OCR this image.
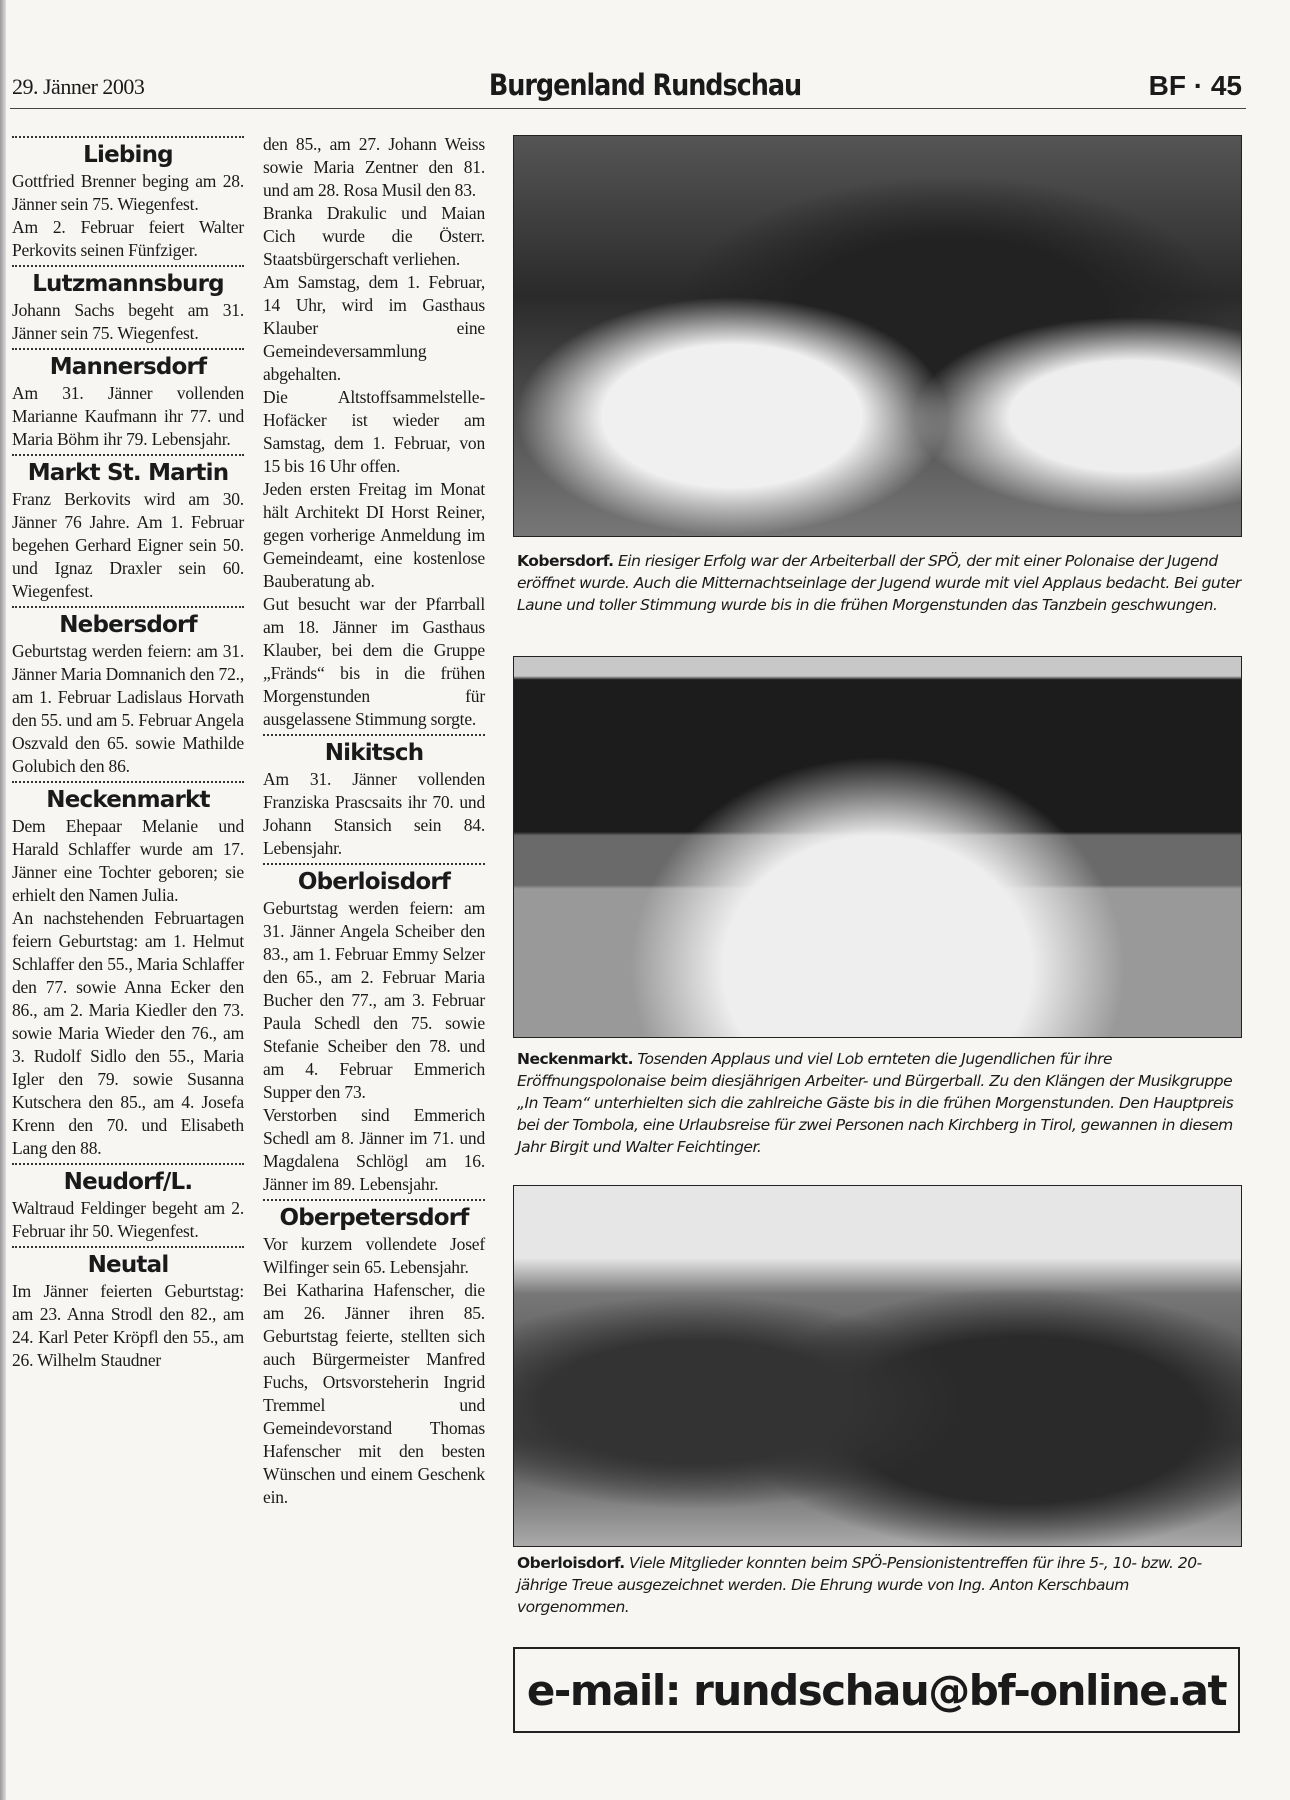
29. Jänner 2003	Burgenland Rundschau	BF · 45
Liebing

Gottfried Brenner beging am 28. Jänner sein 75. Wiegenfest.

Am 2. Februar feiert Walter Perkovits seinen Fünfziger.

Lutzmannsburg

Johann Sachs begeht am 31. Jänner sein 75. Wiegenfest.

Mannersdorf

Am 31. Jänner vollenden Marianne Kaufmann ihr 77. und Maria Böhm ihr 79. Lebensjahr.

Markt St. Martin

Franz Berkovits wird am 30. Jänner 76 Jahre. Am 1. Februar begehen Gerhard Eigner sein 50. und Ignaz Draxler sein 60. Wiegenfest.

Nebersdorf

Geburtstag werden feiern: am 31. Jänner Maria Domnanich den 72., am 1. Februar Ladislaus Horvath den 55. und am 5. Februar Angela Oszvald den 65. sowie Mathilde Golubich den 86.

Neckenmarkt

Dem Ehepaar Melanie und Harald Schlaffer wurde am 17. Jänner eine Tochter geboren; sie erhielt den Namen Julia.

An nachstehenden Februartagen feiern Geburtstag: am 1. Helmut Schlaffer den 55., Maria Schlaffer den 77. sowie Anna Ecker den 86., am 2. Maria Kiedler den 73. sowie Maria Wieder den 76., am 3. Rudolf Sidlo den 55., Maria Igler den 79. sowie Susanna Kutschera den 85., am 4. Josefa Krenn den 70. und Elisabeth Lang den 88.

Neudorf/L.

Waltraud Feldinger begeht am 2. Februar ihr 50. Wiegenfest.

Neutal

Im Jänner feierten Geburtstag: am 23. Anna Strodl den 82., am 24. Karl Peter Kröpfl den 55., am 26. Wilhelm Staudner

den 85., am 27. Johann Weiss sowie Maria Zentner den 81. und am 28. Rosa Musil den 83.

Branka Drakulic und Maian Cich wurde die Österr. Staatsbürgerschaft verliehen.

Am Samstag, dem 1. Februar, 14 Uhr, wird im Gasthaus Klauber eine Gemeindeversammlung abgehalten.

Die Altstoffsammelstelle-Hofäcker ist wieder am Samstag, dem 1. Februar, von 15 bis 16 Uhr offen.

Jeden ersten Freitag im Monat hält Architekt DI Horst Reiner, gegen vorherige Anmeldung im Gemeindeamt, eine kostenlose Bauberatung ab.

Gut besucht war der Pfarrball am 18. Jänner im Gasthaus Klauber, bei dem die Gruppe „Fränds“ bis in die frühen Morgenstunden für ausgelassene Stimmung sorgte.

Nikitsch

Am 31. Jänner vollenden Franziska Prascsaits ihr 70. und Johann Stansich sein 84. Lebensjahr.

Oberloisdorf

Geburtstag werden feiern: am 31. Jänner Angela Scheiber den 83., am 1. Februar Emmy Selzer den 65., am 2. Februar Maria Bucher den 77., am 3. Februar Paula Schedl den 75. sowie Stefanie Scheiber den 78. und am 4. Februar Emmerich Supper den 73.

Verstorben sind Emmerich Schedl am 8. Jänner im 71. und Magdalena Schlögl am 16. Jänner im 89. Lebensjahr.

Oberpetersdorf

Vor kurzem vollendete Josef Wilfinger sein 65. Lebensjahr.

Bei Katharina Hafenscher, die am 26. Jänner ihren 85. Geburtstag feierte, stellten sich auch Bürgermeister Manfred Fuchs, Ortsvorsteherin Ingrid Tremmel und Gemeindevorstand Thomas Hafenscher mit den besten Wünschen und einem Geschenk ein.

Kobersdorf. Ein riesiger Erfolg war der Arbeiterball der SPÖ, der mit einer Polonaise der Jugend eröffnet wurde. Auch die Mitternachtseinlage der Jugend wurde mit viel Applaus bedacht. Bei guter Laune und toller Stimmung wurde bis in die frühen Morgenstunden das Tanzbein geschwungen.
Neckenmarkt. Tosenden Applaus und viel Lob ernteten die Jugendlichen für ihre Eröffnungspolonaise beim diesjährigen Arbeiter- und Bürgerball. Zu den Klängen der Musikgruppe „In Team“ unterhielten sich die zahlreiche Gäste bis in die frühen Morgenstunden. Den Hauptpreis bei der Tombola, eine Urlaubsreise für zwei Personen nach Kirchberg in Tirol, gewannen in diesem Jahr Birgit und Walter Feichtinger.
Oberloisdorf. Viele Mitglieder konnten beim SPÖ-Pensionistentreffen für ihre 5-, 10- bzw. 20-jährige Treue ausgezeichnet werden. Die Ehrung wurde von Ing. Anton Kerschbaum vorgenommen.
e-mail: rundschau@bf-online.at
